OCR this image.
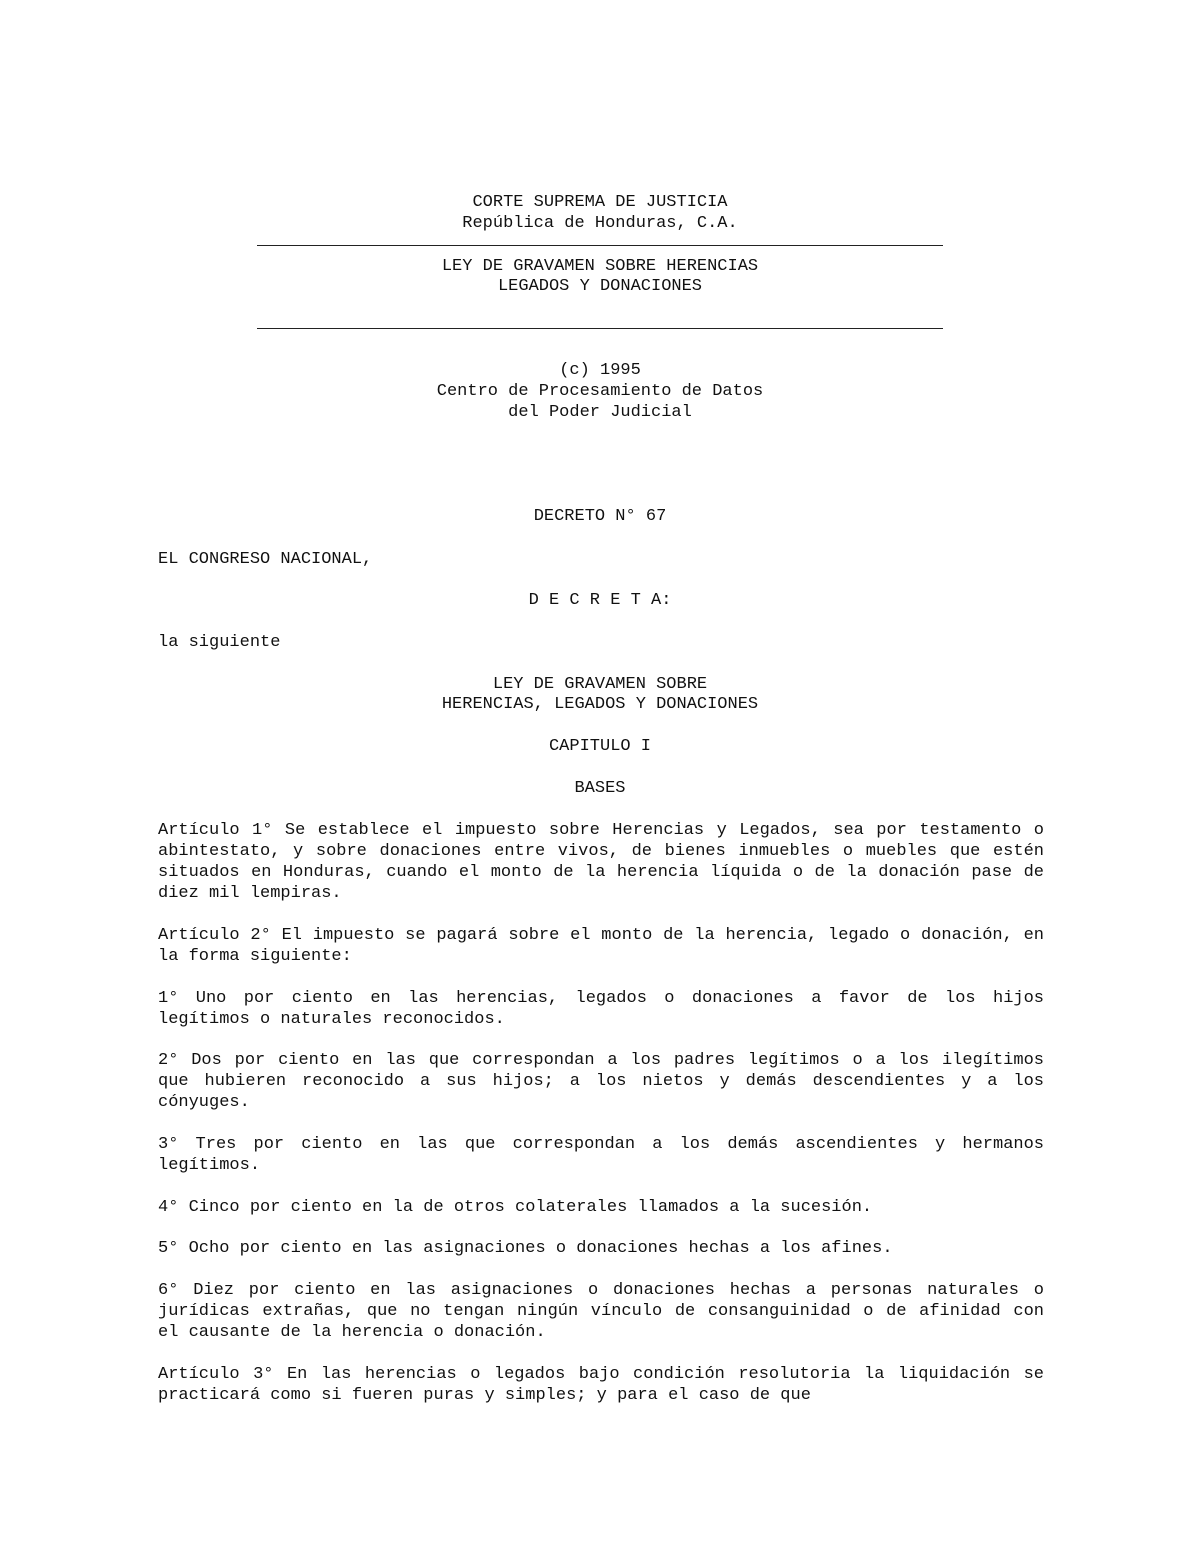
CORTE SUPREMA DE JUSTICIA
República de Honduras, C.A.
LEY DE GRAVAMEN SOBRE HERENCIAS
LEGADOS Y DONACIONES
(c) 1995
Centro de Procesamiento de Datos
del Poder Judicial
DECRETO N° 67
EL CONGRESO NACIONAL,
D E C R E T A:
la siguiente
LEY DE GRAVAMEN SOBRE
HERENCIAS, LEGADOS Y DONACIONES
CAPITULO I
BASES
Artículo 1° Se establece el impuesto sobre Herencias y Legados, sea por testamento o abintestato, y sobre donaciones entre vivos, de bienes inmuebles o muebles que estén situados en Honduras, cuando el monto de la herencia líquida o de la donación pase de diez mil lempiras.
Artículo 2° El impuesto se pagará sobre el monto de la herencia, legado o donación, en la forma siguiente:
1° Uno por ciento en las herencias, legados o donaciones a favor de los hijos legítimos o naturales reconocidos.
2° Dos por ciento en las que correspondan a los padres legítimos o a los ilegítimos que hubieren reconocido a sus hijos; a los nietos y demás descendientes y a los cónyuges.
3° Tres por ciento en las que correspondan a los demás ascendientes y hermanos legítimos.
4° Cinco por ciento en la de otros colaterales llamados a la sucesión.
5° Ocho por ciento en las asignaciones o donaciones hechas a los afines.
6° Diez por ciento en las asignaciones o donaciones hechas a personas naturales o jurídicas extrañas, que no tengan ningún vínculo de consanguinidad o de afinidad con el causante de la herencia o donación.
Artículo 3° En las herencias o legados bajo condición resolutoria la liquidación se practicará como si fueren puras y simples; y para el caso de que
